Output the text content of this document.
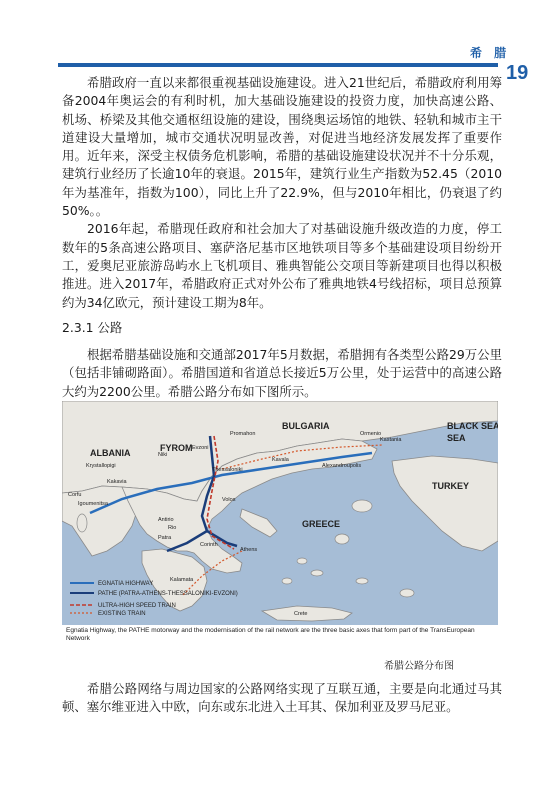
希 腊
19

希腊政府一直以来都很重视基础设施建设。进入21世纪后，希腊政府利用筹备2004年奥运会的有利时机，加大基础设施建设的投资力度，加快高速公路、机场、桥梁及其他交通枢纽设施的建设，围绕奥运场馆的地铁、轻轨和城市主干道建设大量增加，城市交通状况明显改善，对促进当地经济发展发挥了重要作用。近年来，深受主权债务危机影响，希腊的基础设施建设状况并不十分乐观，建筑行业经历了长逾10年的衰退。2015年，建筑行业生产指数为52.45（2010年为基准年，指数为100），同比上升了22.9%，但与2010年相比，仍衰退了约50%。。

2016年起，希腊现任政府和社会加大了对基础设施升级改造的力度，停工数年的5条高速公路项目、塞萨洛尼基市区地铁项目等多个基础建设项目纷纷开工，爱奥尼亚旅游岛屿水上飞机项目、雅典智能公交项目等新建项目也得以积极推进。进入2017年，希腊政府正式对外公布了雅典地铁4号线招标，项目总预算约为34亿欧元，预计建设工期为8年。

2.3.1 公路

根据希腊基础设施和交通部2017年5月数据，希腊拥有各类型公路29万公里（包括非铺砌路面）。希腊国道和省道总长接近5万公里，处于运营中的高速公路大约为2200公里。希腊公路分布如下图所示。

BULGARIA
FYROM
ALBANIA
BLACK SEA
SEA
TURKEY
GREECE
Promahon	Ormenio
Kastania
Thessaloniki
Kavala
Alexandroupolis
Niki
Evzoni
Krystallopigi
Kakavia
Corfu
Igoumenitsa
Volos
Athens
Rio
Antirio
Patra
Corinth
Kalamata
Crete
EGNATIA HIGHWAY
PATHE (PATRA-ATHENS-THESSALONIKI-EVZONI)
ULTRA-HIGH SPEED TRAIN
EXISTING TRAIN
Egnatia Highway, the PATHE motorway and the modernisation of the rail network are the three basic axes that form part of the TransEuropean Network
希腊公路分布图

希腊公路网络与周边国家的公路网络实现了互联互通，主要是向北通过马其顿、塞尔维亚进入中欧，向东或东北进入土耳其、保加利亚及罗马尼亚。
